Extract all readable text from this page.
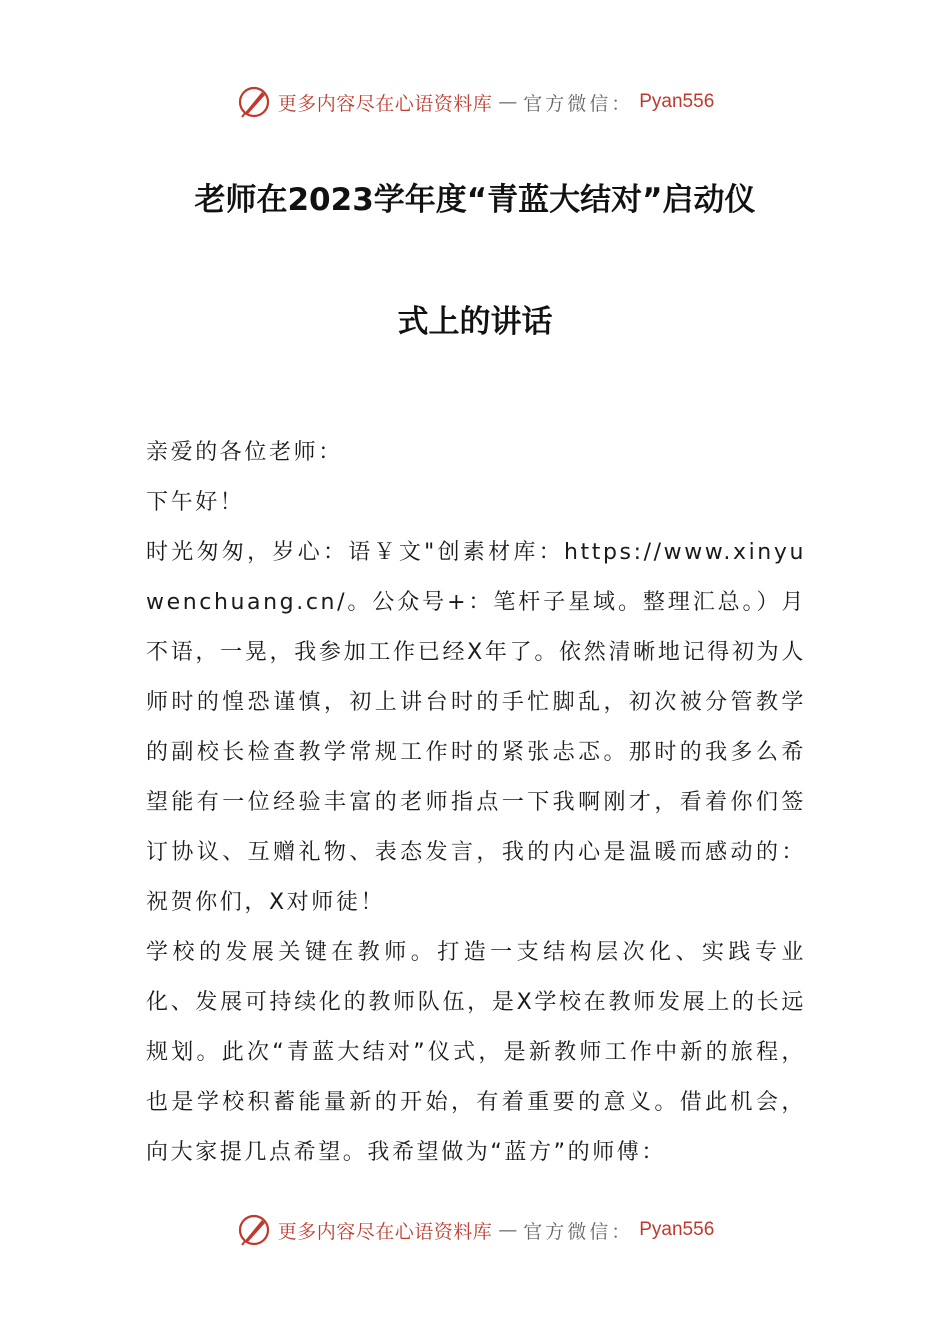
更多内容尽在心语资料库 — 官方微信： Pyan556
老师在2023学年度“青蓝大结对”启动仪
式上的讲话

亲爱的各位老师：

下午好！

时光匆匆，岁心：语￥文"创素材库：https://www.xinyuwenchuang.cn/。公众号+：笔杆子星域。整理汇总。）月不语，一晃，我参加工作已经X年了。依然清晰地记得初为人师时的惶恐谨慎，初上讲台时的手忙脚乱，初次被分管教学的副校长检查教学常规工作时的紧张忐忑。那时的我多么希望能有一位经验丰富的老师指点一下我啊刚才，看着你们签订协议、互赠礼物、表态发言，我的内心是温暖而感动的：祝贺你们，X对师徒！

学校的发展关键在教师。打造一支结构层次化、实践专业化、发展可持续化的教师队伍，是X学校在教师发展上的长远规划。此次“青蓝大结对”仪式，是新教师工作中新的旅程，也是学校积蓄能量新的开始，有着重要的意义。借此机会，向大家提几点希望。我希望做为“蓝方”的师傅：

更多内容尽在心语资料库 — 官方微信： Pyan556
